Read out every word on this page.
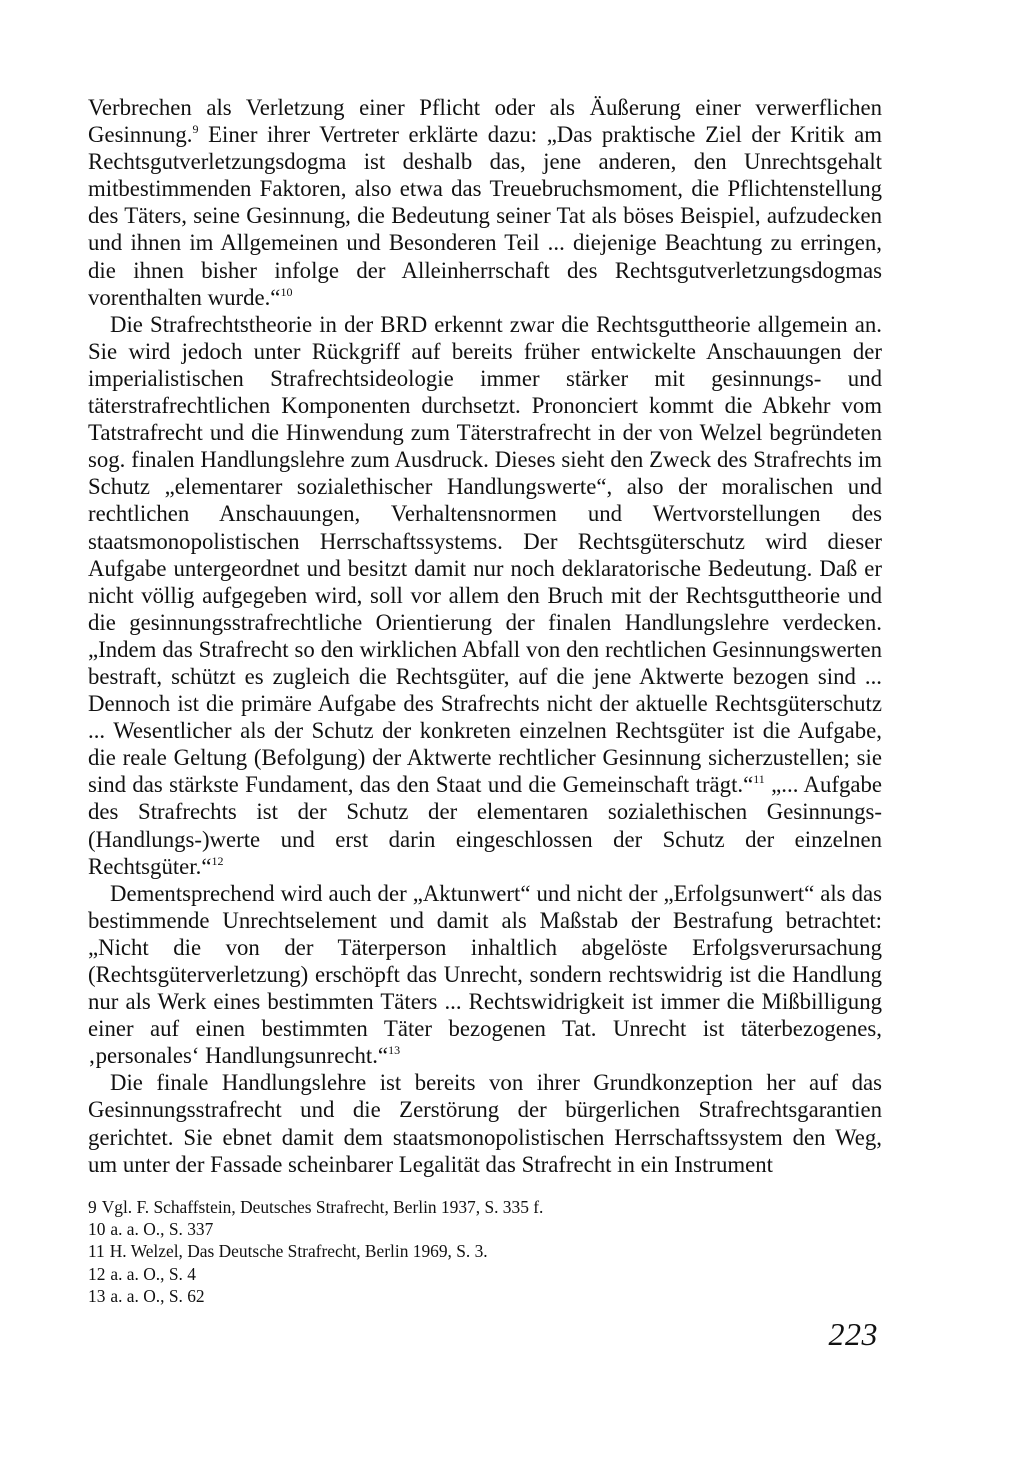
Verbrechen als Verletzung einer Pflicht oder als Äußerung einer verwerflichen Gesinnung.$^9$ Einer ihrer Vertreter erklärte dazu: „Das praktische Ziel der Kritik am Rechtsgutverletzungsdogma ist deshalb das, jene anderen, den Unrechtsgehalt mitbestimmenden Faktoren, also etwa das Treuebruchsmoment, die Pflichtenstellung des Täters, seine Gesinnung, die Bedeutung seiner Tat als böses Beispiel, aufzudecken und ihnen im Allgemeinen und Besonderen Teil ... diejenige Beachtung zu erringen, die ihnen bisher infolge der Alleinherrschaft des Rechtsgutverletzungsdogmas vorenthalten wurde.“$^{10}$

Die Strafrechtstheorie in der BRD erkennt zwar die Rechtsguttheorie allgemein an. Sie wird jedoch unter Rückgriff auf bereits früher entwickelte Anschauungen der imperialistischen Strafrechtsideologie immer stärker mit gesinnungs- und täterstrafrechtlichen Komponenten durchsetzt. Prononciert kommt die Abkehr vom Tatstrafrecht und die Hinwendung zum Täterstrafrecht in der von Welzel begründeten sog. finalen Handlungslehre zum Ausdruck. Dieses sieht den Zweck des Strafrechts im Schutz „elementarer sozialethischer Handlungswerte“, also der moralischen und rechtlichen Anschauungen, Verhaltensnormen und Wertvorstellungen des staatsmonopolistischen Herrschaftssystems. Der Rechtsgüterschutz wird dieser Aufgabe untergeordnet und besitzt damit nur noch deklaratorische Bedeutung. Daß er nicht völlig aufgegeben wird, soll vor allem den Bruch mit der Rechtsguttheorie und die gesinnungsstrafrechtliche Orientierung der finalen Handlungslehre verdecken. „Indem das Strafrecht so den wirklichen Abfall von den rechtlichen Gesinnungswerten bestraft, schützt es zugleich die Rechtsgüter, auf die jene Aktwerte bezogen sind ... Dennoch ist die primäre Aufgabe des Strafrechts nicht der aktuelle Rechtsgüterschutz ... Wesentlicher als der Schutz der konkreten einzelnen Rechtsgüter ist die Aufgabe, die reale Geltung (Befolgung) der Aktwerte rechtlicher Gesinnung sicherzustellen; sie sind das stärkste Fundament, das den Staat und die Gemeinschaft trägt.“$^{11}$ „... Aufgabe des Strafrechts ist der Schutz der elementaren sozialethischen Gesinnungs-(Handlungs-)werte und erst darin eingeschlossen der Schutz der einzelnen Rechtsgüter.“$^{12}$

Dementsprechend wird auch der „Aktunwert“ und nicht der „Erfolgsunwert“ als das bestimmende Unrechtselement und damit als Maßstab der Bestrafung betrachtet: „Nicht die von der Täterperson inhaltlich abgelöste Erfolgsverursachung (Rechtsgüterverletzung) erschöpft das Unrecht, sondern rechtswidrig ist die Handlung nur als Werk eines bestimmten Täters ... Rechtswidrigkeit ist immer die Mißbilligung einer auf einen bestimmten Täter bezogenen Tat. Unrecht ist täterbezogenes, ‚personales‘ Handlungsunrecht.“$^{13}$

Die finale Handlungslehre ist bereits von ihrer Grundkonzeption her auf das Gesinnungsstrafrecht und die Zerstörung der bürgerlichen Strafrechtsgarantien gerichtet. Sie ebnet damit dem staatsmonopolistischen Herrschaftssystem den Weg, um unter der Fassade scheinbarer Legalität das Strafrecht in ein Instrument

9 Vgl. F. Schaffstein, Deutsches Strafrecht, Berlin 1937, S. 335 f.

10 a. a. O., S. 337

11 H. Welzel, Das Deutsche Strafrecht, Berlin 1969, S. 3.

12 a. a. O., S. 4

13 a. a. O., S. 62

223
